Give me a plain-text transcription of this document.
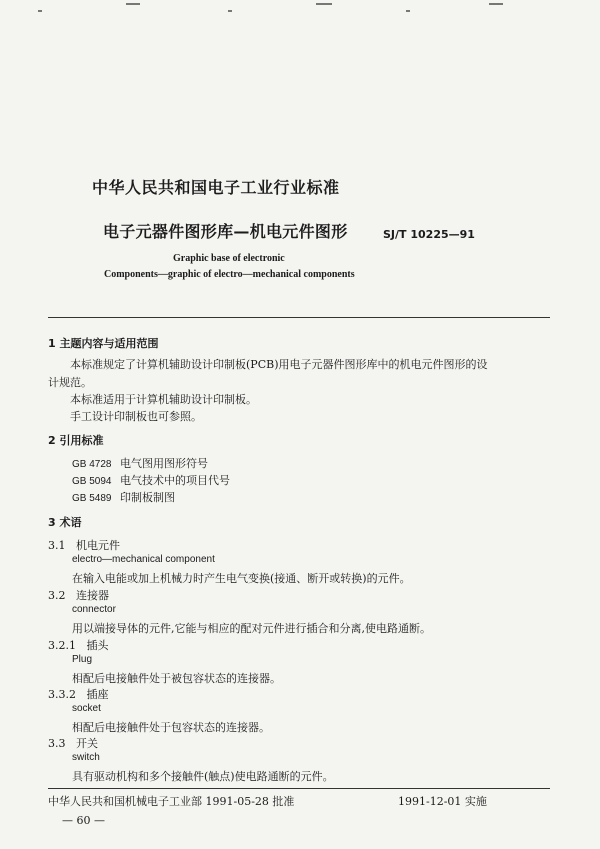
中华人民共和国电子工业行业标准
电子元器件图形库—机电元件图形	SJ/T 10225—91
Graphic base of electronic
Components—graphic of electro—mechanical components
1 主题内容与适用范围
本标准规定了计算机辅助设计印制板(PCB)用电子元器件图形库中的机电元件图形的设
计规范。
本标准适用于计算机辅助设计印制板。
手工设计印制板也可参照。
2 引用标准
GB 4728 电气图用图形符号
GB 5094 电气技术中的项目代号
GB 5489 印制板制图
3 术语
3.1 机电元件
electro—mechanical component
在输入电能或加上机械力时产生电气变换(接通、断开或转换)的元件。
3.2 连接器
connector
用以端接导体的元件,它能与相应的配对元件进行插合和分离,使电路通断。
3.2.1 插头
Plug
相配后电接触件处于被包容状态的连接器。
3.3.2 插座
socket
相配后电接触件处于包容状态的连接器。
3.3 开关
switch
具有驱动机构和多个接触件(触点)使电路通断的元件。
中华人民共和国机械电子工业部 1991-05-28 批准	1991-12-01 实施
— 60 —
